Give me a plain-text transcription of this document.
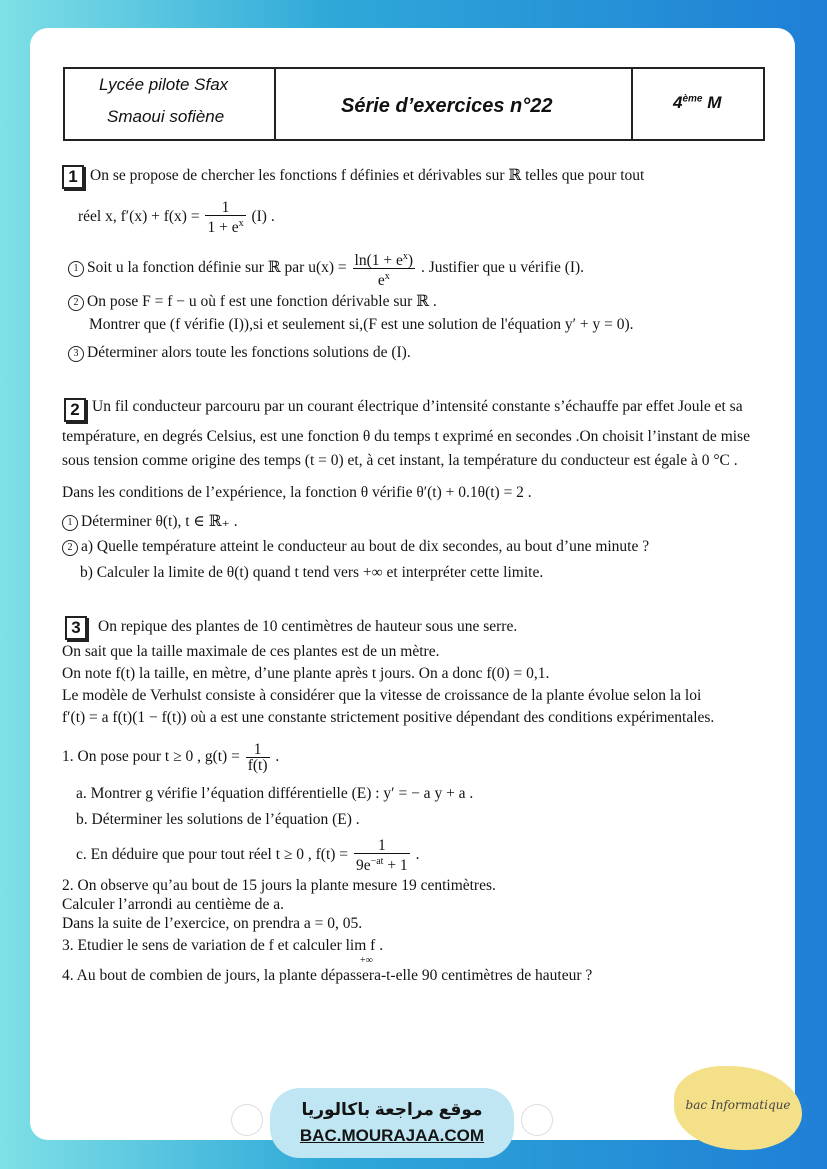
Lycée pilote Sfax
Smaoui sofiène	Série d’exercices n°22	4ème M
1 On se propose de chercher les fonctions f définies et dérivables sur ℝ telles que pour tout
réel x, $f'(x) + f(x) = \frac{1}{1 + e^x} (I)$ .
1 Soit u la fonction définie sur ℝ par $u(x) = \frac{\ln(1 + e^x)}{e^x}$ . Justifier que u vérifie (I).
2 On pose F = f − u où f est une fonction dérivable sur ℝ .
Montrer que (f vérifie (I)),si et seulement si,(F est une solution de l'équation y′ + y = 0).
3 Déterminer alors toute les fonctions solutions de (I).
2 Un fil conducteur parcouru par un courant électrique d’intensité constante s’échauffe par effet Joule et sa
température, en degrés Celsius, est une fonction θ du temps t exprimé en secondes .On choisit l’instant de mise
sous tension comme origine des temps (t = 0) et, à cet instant, la température du conducteur est égale à 0 °C .
Dans les conditions de l’expérience, la fonction θ vérifie θ′(t) + 0.1θ(t) = 2 .
1 Déterminer θ(t), t ∈ ℝ₊ .
2 a) Quelle température atteint le conducteur au bout de dix secondes, au bout d’une minute ?
b) Calculer la limite de θ(t) quand t tend vers +∞ et interpréter cette limite.
3	On repique des plantes de 10 centimètres de hauteur sous une serre.
On sait que la taille maximale de ces plantes est de un mètre.
On note f(t) la taille, en mètre, d’une plante après t jours. On a donc f(0) = 0,1.
Le modèle de Verhulst consiste à considérer que la vitesse de croissance de la plante évolue selon la loi
f′(t) = a f(t)(1 − f(t)) où a est une constante strictement positive dépendant des conditions expérimentales.
1. On pose pour t ≥ 0 , $g(t) = \frac{1}{f(t)}$ .
a. Montrer g vérifie l’équation différentielle (E) : y′ = − a y + a .
b. Déterminer les solutions de l’équation (E) .
c. En déduire que pour tout réel t ≥ 0 , $f(t) = \frac{1}{9e^{-at} + 1}$ .
2. On observe qu’au bout de 15 jours la plante mesure 19 centimètres.
Calculer l’arrondi au centième de a.
Dans la suite de l’exercice, on prendra a = 0, 05.
3. Etudier le sens de variation de f et calculer lim f .
+∞
4. Au bout de combien de jours, la plante dépassera-t-elle 90 centimètres de hauteur ?
موقع مراجعة باكالوريا
BAC.MOURAJAA.COM
bac Informatique
